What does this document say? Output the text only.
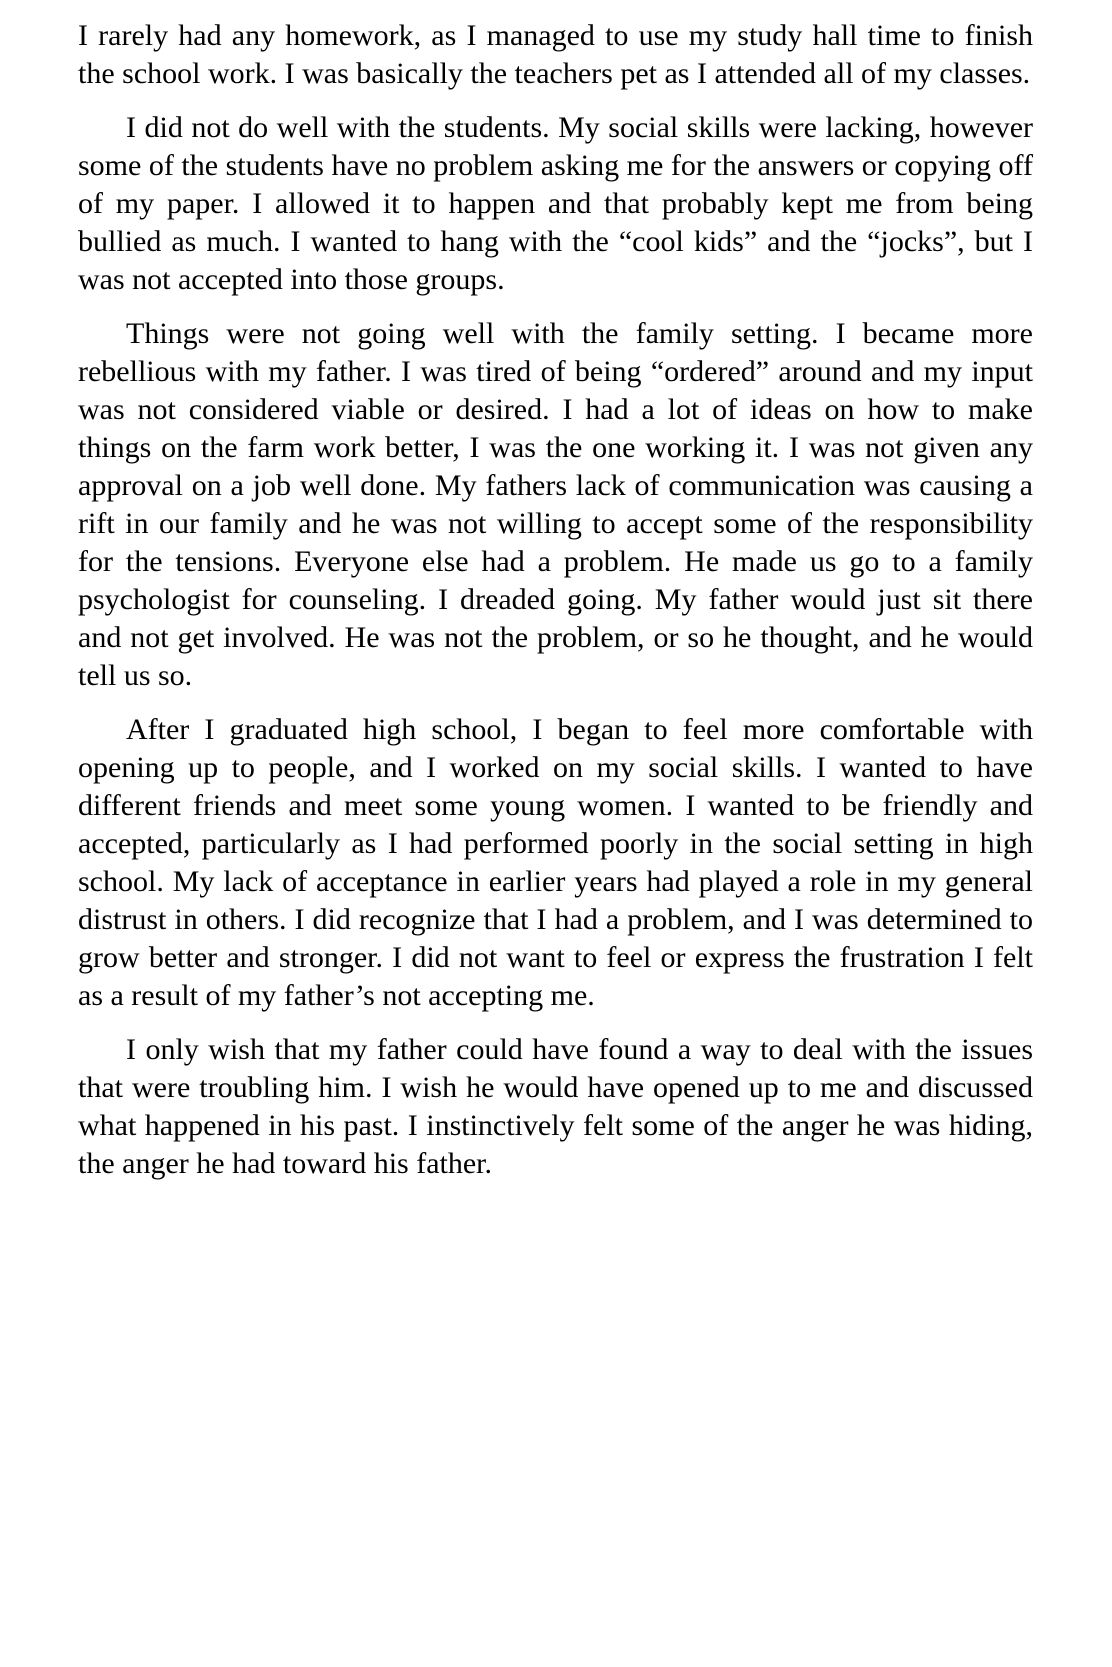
I rarely had any homework, as I managed to use my study hall time to finish the school work. I was basically the teachers pet as I attended all of my classes.

I did not do well with the students. My social skills were lacking, however some of the students have no problem asking me for the answers or copying off of my paper. I allowed it to happen and that probably kept me from being bullied as much. I wanted to hang with the “cool kids” and the “jocks”, but I was not accepted into those groups.

Things were not going well with the family setting. I became more rebellious with my father. I was tired of being “ordered” around and my input was not considered viable or desired. I had a lot of ideas on how to make things on the farm work better, I was the one working it. I was not given any approval on a job well done. My fathers lack of communication was causing a rift in our family and he was not willing to accept some of the responsibility for the tensions. Everyone else had a problem. He made us go to a family psychologist for counseling. I dreaded going. My father would just sit there and not get involved. He was not the problem, or so he thought, and he would tell us so.

After I graduated high school, I began to feel more comfortable with opening up to people, and I worked on my social skills. I wanted to have different friends and meet some young women. I wanted to be friendly and accepted, particularly as I had performed poorly in the social setting in high school. My lack of acceptance in earlier years had played a role in my general distrust in others. I did recognize that I had a problem, and I was determined to grow better and stronger. I did not want to feel or express the frustration I felt as a result of my father’s not accepting me.

I only wish that my father could have found a way to deal with the issues that were troubling him. I wish he would have opened up to me and discussed what happened in his past. I instinctively felt some of the anger he was hiding, the anger he had toward his father.
